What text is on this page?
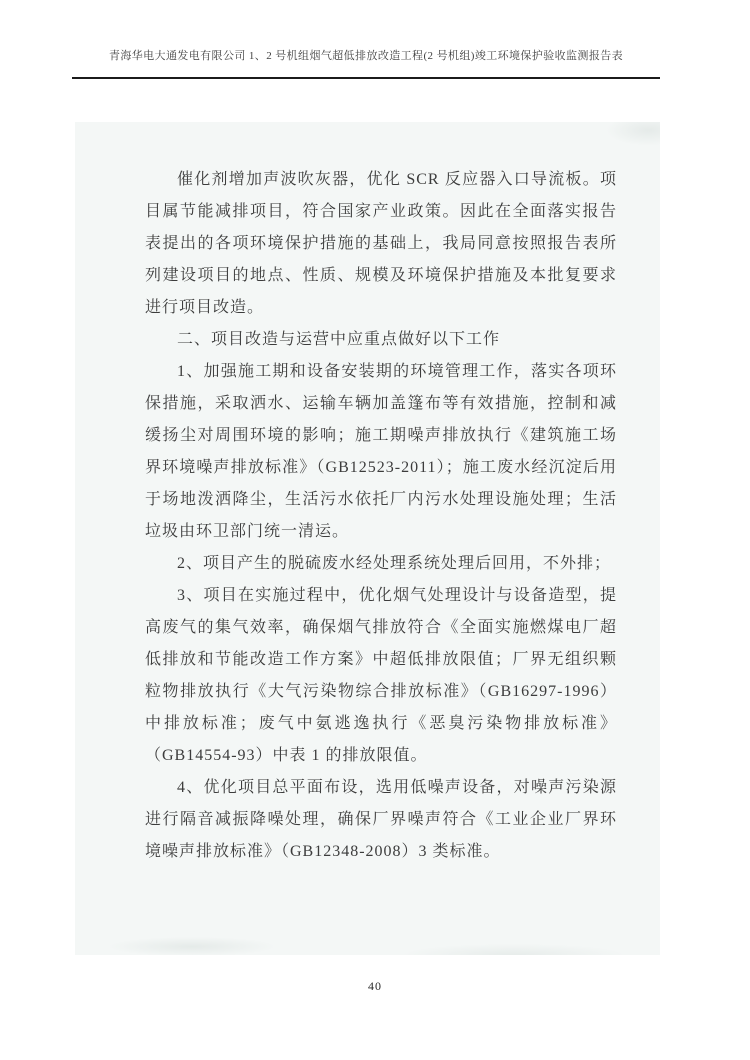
青海华电大通发电有限公司 1、2 号机组烟气超低排放改造工程(2 号机组)竣工环境保护验收监测报告表

催化剂增加声波吹灰器，优化 SCR 反应器入口导流板。项目属节能减排项目，符合国家产业政策。因此在全面落实报告表提出的各项环境保护措施的基础上，我局同意按照报告表所列建设项目的地点、性质、规模及环境保护措施及本批复要求进行项目改造。

二、项目改造与运营中应重点做好以下工作

1、加强施工期和设备安装期的环境管理工作，落实各项环保措施，采取洒水、运输车辆加盖篷布等有效措施，控制和减缓扬尘对周围环境的影响；施工期噪声排放执行《建筑施工场界环境噪声排放标准》（GB12523-2011）；施工废水经沉淀后用于场地泼洒降尘，生活污水依托厂内污水处理设施处理；生活垃圾由环卫部门统一清运。

2、项目产生的脱硫废水经处理系统处理后回用，不外排；

3、项目在实施过程中，优化烟气处理设计与设备造型，提高废气的集气效率，确保烟气排放符合《全面实施燃煤电厂超低排放和节能改造工作方案》中超低排放限值；厂界无组织颗粒物排放执行《大气污染物综合排放标准》（GB16297-1996）中排放标准；废气中氨逃逸执行《恶臭污染物排放标准》（GB14554-93）中表 1 的排放限值。

4、优化项目总平面布设，选用低噪声设备，对噪声污染源进行隔音减振降噪处理，确保厂界噪声符合《工业企业厂界环境噪声排放标准》（GB12348-2008）3 类标准。

40
